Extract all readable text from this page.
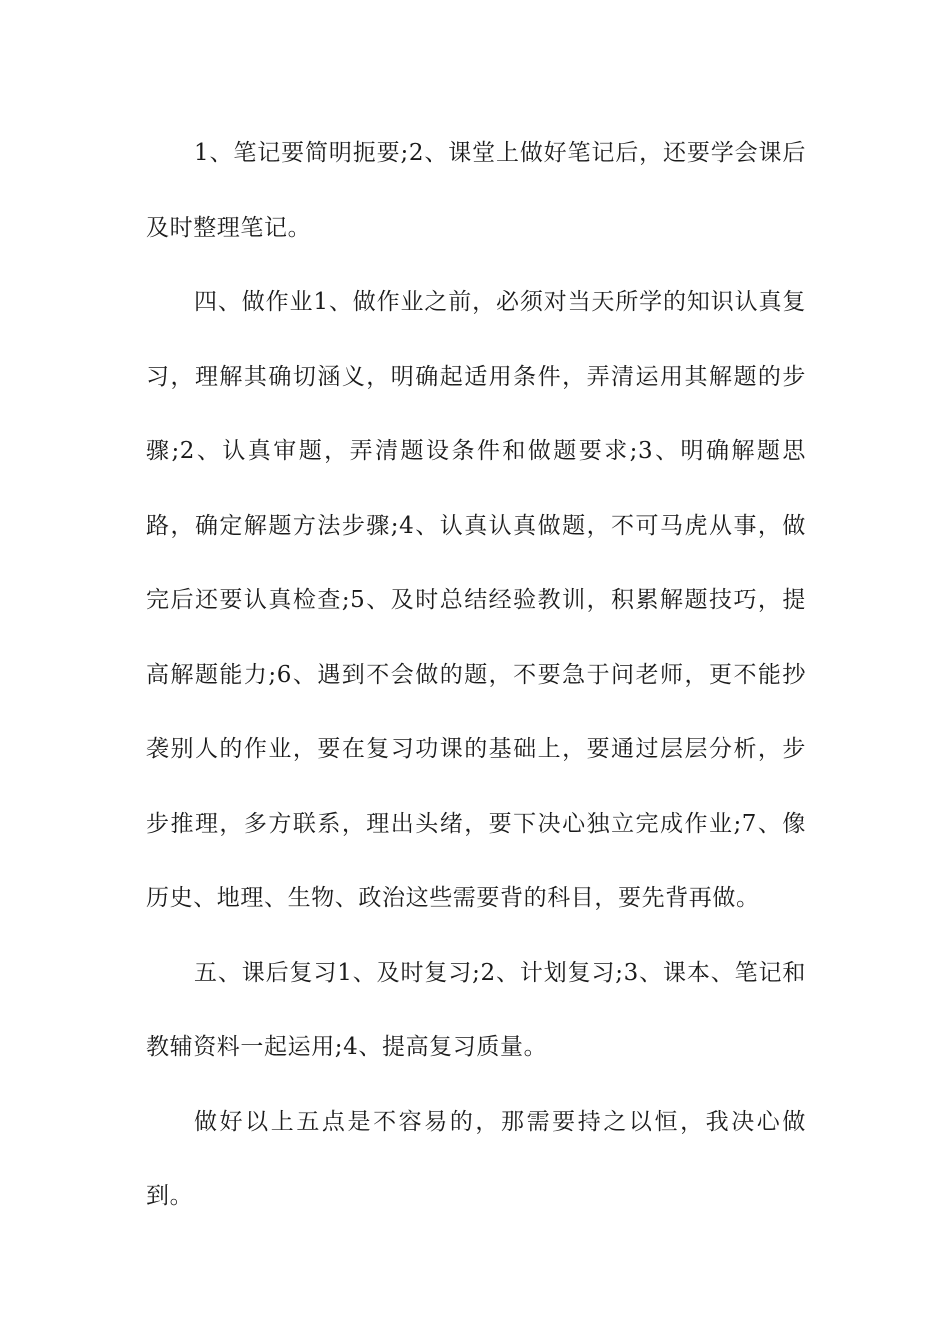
1、笔记要简明扼要;2、课堂上做好笔记后，还要学会课后及时整理笔记。

四、做作业1、做作业之前，必须对当天所学的知识认真复习，理解其确切涵义，明确起适用条件，弄清运用其解题的步骤;2、认真审题，弄清题设条件和做题要求;3、明确解题思路，确定解题方法步骤;4、认真认真做题，不可马虎从事，做完后还要认真检查;5、及时总结经验教训，积累解题技巧，提高解题能力;6、遇到不会做的题，不要急于问老师，更不能抄袭别人的作业，要在复习功课的基础上，要通过层层分析，步步推理，多方联系，理出头绪，要下决心独立完成作业;7、像历史、地理、生物、政治这些需要背的科目，要先背再做。

五、课后复习1、及时复习;2、计划复习;3、课本、笔记和教辅资料一起运用;4、提高复习质量。

做好以上五点是不容易的，那需要持之以恒，我决心做到。
